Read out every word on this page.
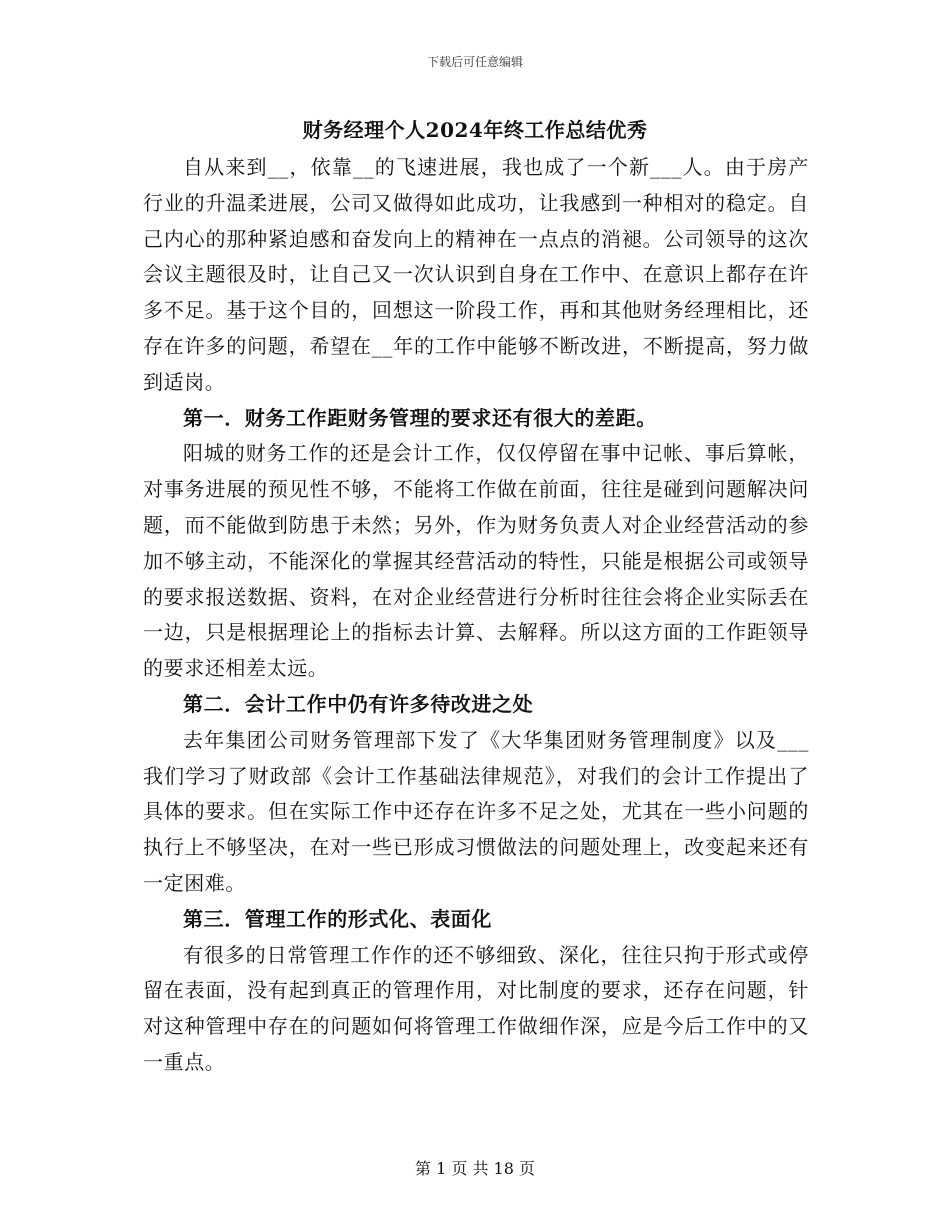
下载后可任意编辑
财务经理个人2024年终工作总结优秀

自从来到__，依靠__的飞速进展，我也成了一个新___人。由于房产行业的升温柔进展，公司又做得如此成功，让我感到一种相对的稳定。自己内心的那种紧迫感和奋发向上的精神在一点点的消褪。公司领导的这次会议主题很及时，让自己又一次认识到自身在工作中、在意识上都存在许多不足。基于这个目的，回想这一阶段工作，再和其他财务经理相比，还存在许多的问题，希望在__年的工作中能够不断改进，不断提高，努力做到适岗。

第一．财务工作距财务管理的要求还有很大的差距。

阳城的财务工作的还是会计工作，仅仅停留在事中记帐、事后算帐，对事务进展的预见性不够，不能将工作做在前面，往往是碰到问题解决问题，而不能做到防患于未然；另外，作为财务负责人对企业经营活动的参加不够主动，不能深化的掌握其经营活动的特性，只能是根据公司或领导的要求报送数据、资料，在对企业经营进行分析时往往会将企业实际丢在一边，只是根据理论上的指标去计算、去解释。所以这方面的工作距领导的要求还相差太远。

第二．会计工作中仍有许多待改进之处

去年集团公司财务管理部下发了《大华集团财务管理制度》以及___我们学习了财政部《会计工作基础法律规范》，对我们的会计工作提出了具体的要求。但在实际工作中还存在许多不足之处，尤其在一些小问题的执行上不够坚决，在对一些已形成习惯做法的问题处理上，改变起来还有一定困难。

第三．管理工作的形式化、表面化

有很多的日常管理工作作的还不够细致、深化，往往只拘于形式或停留在表面，没有起到真正的管理作用，对比制度的要求，还存在问题，针对这种管理中存在的问题如何将管理工作做细作深，应是今后工作中的又一重点。

第 1 页 共 18 页
